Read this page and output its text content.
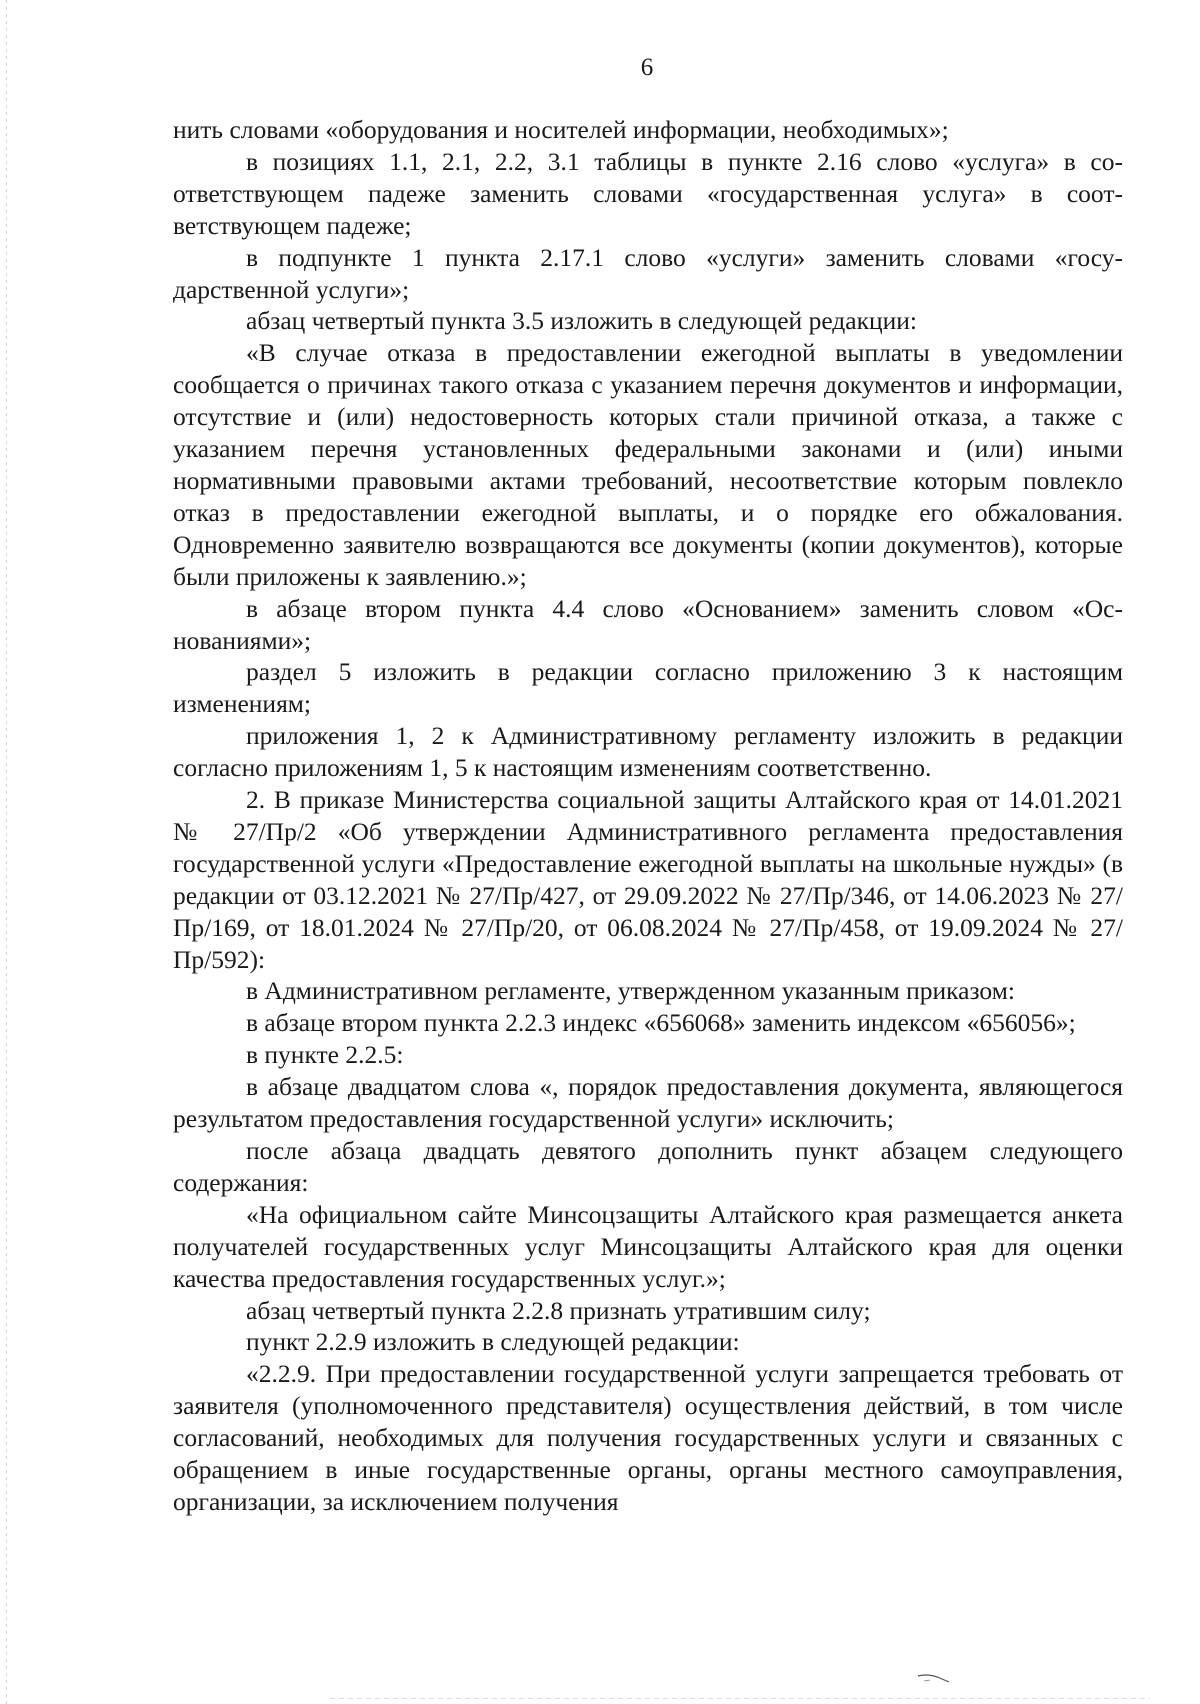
6

нить словами «оборудования и носителей информации, необходимых»;

в позициях 1.1, 2.1, 2.2, 3.1 таблицы в пункте 2.16 слово «услуга» в соответствующем падеже заменить словами «государственная услуга» в соответствующем падеже;

в подпункте 1 пункта 2.17.1 слово «услуги» заменить словами «государственной услуги»;

абзац четвертый пункта 3.5 изложить в следующей редакции:

«В случае отказа в предоставлении ежегодной выплаты в уведомлении сообщается о причинах такого отказа с указанием перечня документов и информации, отсутствие и (или) недостоверность которых стали причиной отказа, а также с указанием перечня установленных федеральными законами и (или) иными нормативными правовыми актами требований, несоответствие которым повлекло отказ в предоставлении ежегодной выплаты, и о порядке его обжалования. Одновременно заявителю возвращаются все документы (копии документов), которые были приложены к заявлению.»;

в абзаце втором пункта 4.4 слово «Основанием» заменить словом «Основаниями»;

раздел 5 изложить в редакции согласно приложению 3 к настоящим изменениям;

приложения 1, 2 к Административному регламенту изложить в редакции согласно приложениям 1, 5 к настоящим изменениям соответственно.

2. В приказе Министерства социальной защиты Алтайского края от 14.01.2021 № 27/Пр/2 «Об утверждении Административного регламента предоставления государственной услуги «Предоставление ежегодной выплаты на школьные нужды» (в редакции от 03.12.2021 № 27/Пр/427, от 29.09.2022 № 27/Пр/346, от 14.06.2023 № 27/Пр/169, от 18.01.2024 № 27/Пр/20, от 06.08.2024 № 27/Пр/458, от 19.09.2024 № 27/Пр/592):

в Административном регламенте, утвержденном указанным приказом:

в абзаце втором пункта 2.2.3 индекс «656068» заменить индексом «656056»;

в пункте 2.2.5:

в абзаце двадцатом слова «, порядок предоставления документа, являющегося результатом предоставления государственной услуги» исключить;

после абзаца двадцать девятого дополнить пункт абзацем следующего содержания:

«На официальном сайте Минсоцзащиты Алтайского края размещается анкета получателей государственных услуг Минсоцзащиты Алтайского края для оценки качества предоставления государственных услуг.»;

абзац четвертый пункта 2.2.8 признать утратившим силу;

пункт 2.2.9 изложить в следующей редакции:

«2.2.9. При предоставлении государственной услуги запрещается требовать от заявителя (уполномоченного представителя) осуществления действий, в том числе согласований, необходимых для получения государственных услуги и связанных с обращением в иные государственные органы, органы местного самоуправления, организации, за исключением получения
